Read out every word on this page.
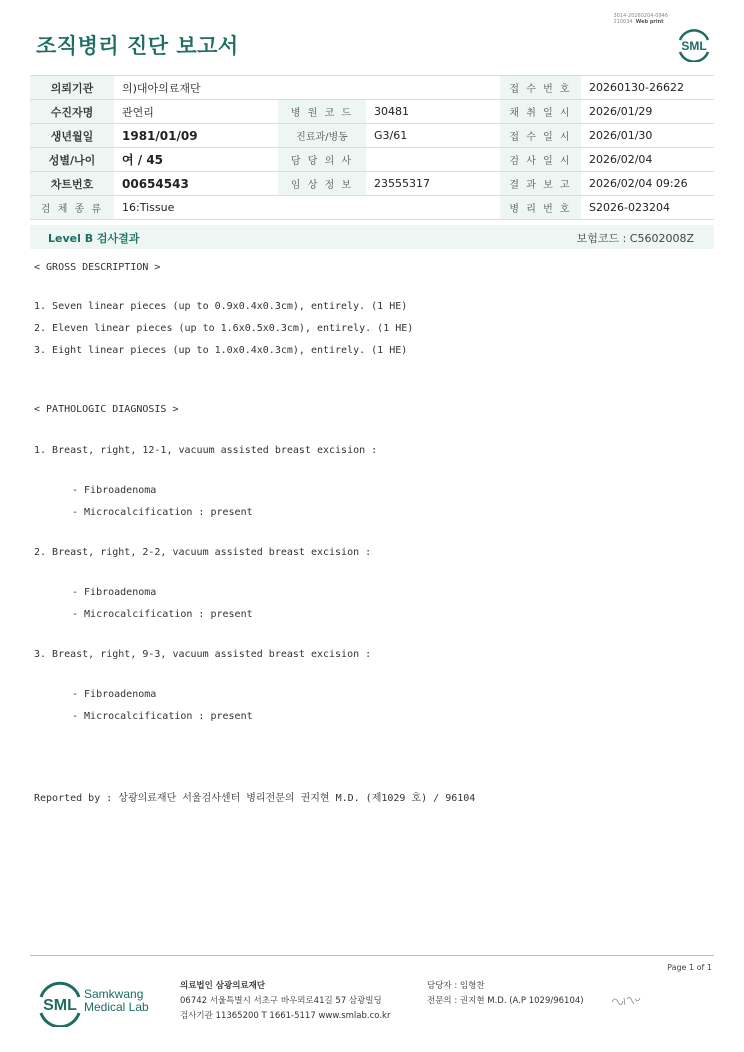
조직병리 진단 보고서
3014-20260204-0946
210034 Web print
SML
의뢰기관	의)대아의료재단			접 수 번 호	20260130-26622
수진자명	관연리	병 원 코 드	30481	채 취 일 시	2026/01/29
생년월일	1981/01/09	진료과/병동	G3/61	접 수 일 시	2026/01/30
성별/나이	여 / 45	담 당 의 사		검 사 일 시	2026/02/04
차트번호	00654543	임 상 정 보	23555317	결 과 보 고	2026/02/04 09:26
검 체 종 류	16:Tissue			병 리 번 호	S2026-023204
Level B 검사결과	보험코드 : C5602008Z
< GROSS DESCRIPTION >
1. Seven linear pieces (up to 0.9x0.4x0.3cm), entirely. (1 HE)
2. Eleven linear pieces (up to 1.6x0.5x0.3cm), entirely. (1 HE)
3. Eight linear pieces (up to 1.0x0.4x0.3cm), entirely. (1 HE)
< PATHOLOGIC DIAGNOSIS >
1. Breast, right, 12-1, vacuum assisted breast excision :
- Fibroadenoma
- Microcalcification : present
2. Breast, right, 2-2, vacuum assisted breast excision :
- Fibroadenoma
- Microcalcification : present
3. Breast, right, 9-3, vacuum assisted breast excision :
- Fibroadenoma
- Microcalcification : present
Reported by : 상광의료재단 서울검사센터 병리전문의 권지현 M.D. (제1029 호) / 96104
Page 1 of 1
SML
Samkwang
Medical Lab
의료법인 삼광의료재단
06742 서울특별시 서초구 바우뫼로41길 57 삼광빌딩
검사기관 11365200 T 1661-5117 www.smlab.co.kr
담당자 : 임형찬
전문의 : 권지현 M.D. (A.P 1029/96104)
